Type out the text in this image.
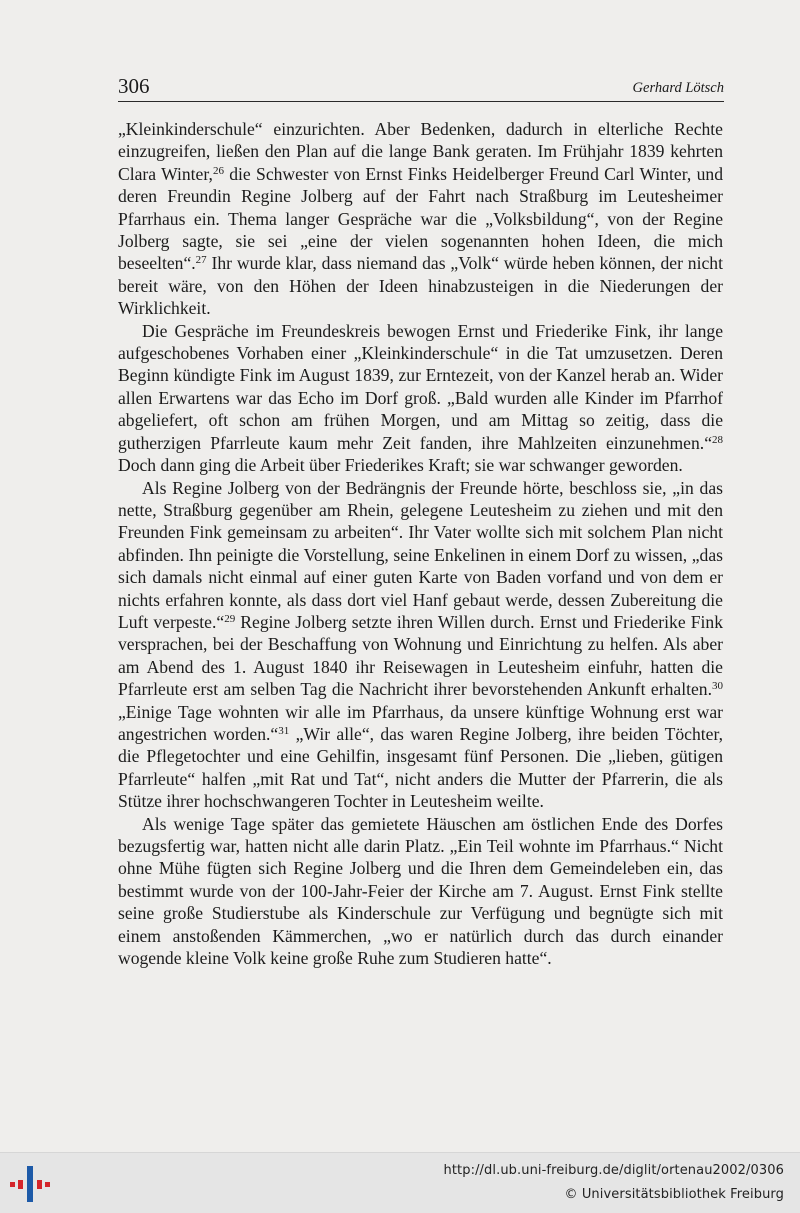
306	Gerhard Lötsch

„Kleinkinderschule“ einzurichten. Aber Bedenken, dadurch in elterliche Rechte einzugreifen, ließen den Plan auf die lange Bank geraten. Im Frühjahr 1839 kehrten Clara Winter,$^{26}$ die Schwester von Ernst Finks Heidelberger Freund Carl Winter, und deren Freundin Regine Jolberg auf der Fahrt nach Straßburg im Leutesheimer Pfarrhaus ein. Thema langer Gespräche war die „Volksbildung“, von der Regine Jolberg sagte, sie sei „eine der vielen sogenannten hohen Ideen, die mich beseelten“.$^{27}$ Ihr wurde klar, dass niemand das „Volk“ würde heben können, der nicht bereit wäre, von den Höhen der Ideen hinabzusteigen in die Niederungen der Wirklichkeit.

Die Gespräche im Freundeskreis bewogen Ernst und Friederike Fink, ihr lange aufgeschobenes Vorhaben einer „Kleinkinderschule“ in die Tat umzusetzen. Deren Beginn kündigte Fink im August 1839, zur Erntezeit, von der Kanzel herab an. Wider allen Erwartens war das Echo im Dorf groß. „Bald wurden alle Kinder im Pfarrhof abgeliefert, oft schon am frühen Morgen, und am Mittag so zeitig, dass die gutherzigen Pfarrleute kaum mehr Zeit fanden, ihre Mahlzeiten einzunehmen.“$^{28}$ Doch dann ging die Arbeit über Friederikes Kraft; sie war schwanger geworden.

Als Regine Jolberg von der Bedrängnis der Freunde hörte, beschloss sie, „in das nette, Straßburg gegenüber am Rhein, gelegene Leutesheim zu ziehen und mit den Freunden Fink gemeinsam zu arbeiten“. Ihr Vater wollte sich mit solchem Plan nicht abfinden. Ihn peinigte die Vorstellung, seine Enkelinen in einem Dorf zu wissen, „das sich damals nicht einmal auf einer guten Karte von Baden vorfand und von dem er nichts erfahren konnte, als dass dort viel Hanf gebaut werde, dessen Zubereitung die Luft verpeste.“$^{29}$ Regine Jolberg setzte ihren Willen durch. Ernst und Friederike Fink versprachen, bei der Beschaffung von Wohnung und Einrichtung zu helfen. Als aber am Abend des 1. August 1840 ihr Reisewagen in Leutesheim einfuhr, hatten die Pfarrleute erst am selben Tag die Nachricht ihrer bevorstehenden Ankunft erhalten.$^{30}$ „Einige Tage wohnten wir alle im Pfarrhaus, da unsere künftige Wohnung erst war angestrichen worden.“$^{31}$ „Wir alle“, das waren Regine Jolberg, ihre beiden Töchter, die Pflegetochter und eine Gehilfin, insgesamt fünf Personen. Die „lieben, gütigen Pfarrleute“ halfen „mit Rat und Tat“, nicht anders die Mutter der Pfarrerin, die als Stütze ihrer hochschwangeren Tochter in Leutesheim weilte.

Als wenige Tage später das gemietete Häuschen am östlichen Ende des Dorfes bezugsfertig war, hatten nicht alle darin Platz. „Ein Teil wohnte im Pfarrhaus.“ Nicht ohne Mühe fügten sich Regine Jolberg und die Ihren dem Gemeindeleben ein, das bestimmt wurde von der 100-Jahr-Feier der Kirche am 7. August. Ernst Fink stellte seine große Studierstube als Kinderschule zur Verfügung und begnügte sich mit einem anstoßenden Kämmerchen, „wo er natürlich durch das durch einander wogende kleine Volk keine große Ruhe zum Studieren hatte“.

http://dl.ub.uni-freiburg.de/diglit/ortenau2002/0306
© Universitätsbibliothek Freiburg
